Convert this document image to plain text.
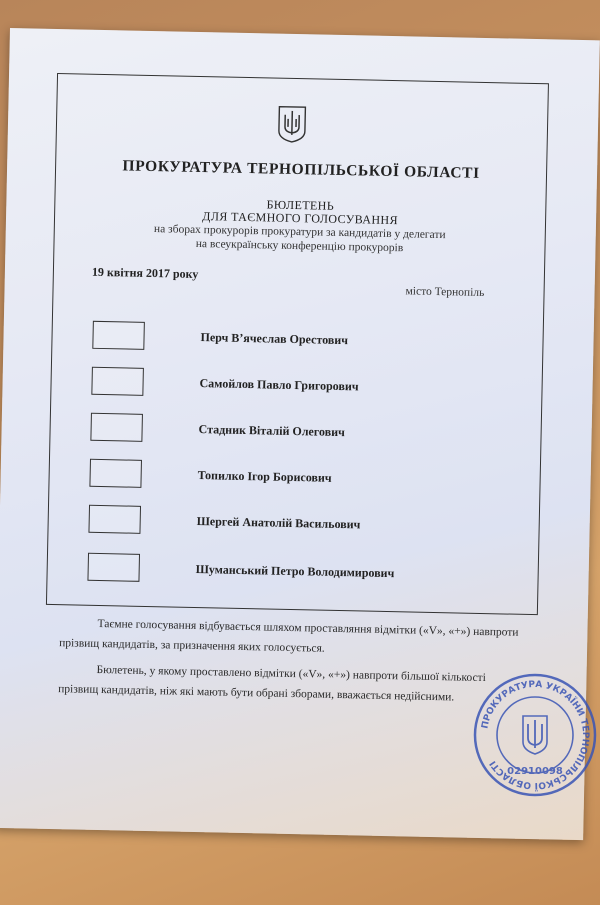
ПРОКУРАТУРА ТЕРНОПІЛЬСЬКОЇ ОБЛАСТІ
БЮЛЕТЕНЬ
ДЛЯ ТАЄМНОГО ГОЛОСУВАННЯ
на зборах прокурорів прокуратури за кандидатів у делегати
на всеукраїнську конференцію прокурорів
19 квітня 2017 року
місто Тернопіль
Перч В’ячеслав Орестович
Самойлов Павло Григорович
Стадник Віталій Олегович
Топилко Ігор Борисович
Шергей Анатолій Васильович
Шуманський Петро Володимирович
Таємне голосування відбувається шляхом проставляння відмітки («V», «+») навпроти прізвищ кандидатів, за призначення яких голосується.
Бюлетень, у якому проставлено відмітки («V», «+») навпроти більшої кількості прізвищ кандидатів, ніж які мають бути обрані зборами, вважається недійсними.
ПРОКУРАТУРА УКРАЇНИ ТЕРНОПІЛЬСЬКОЇ ОБЛАСТІ
02910098
